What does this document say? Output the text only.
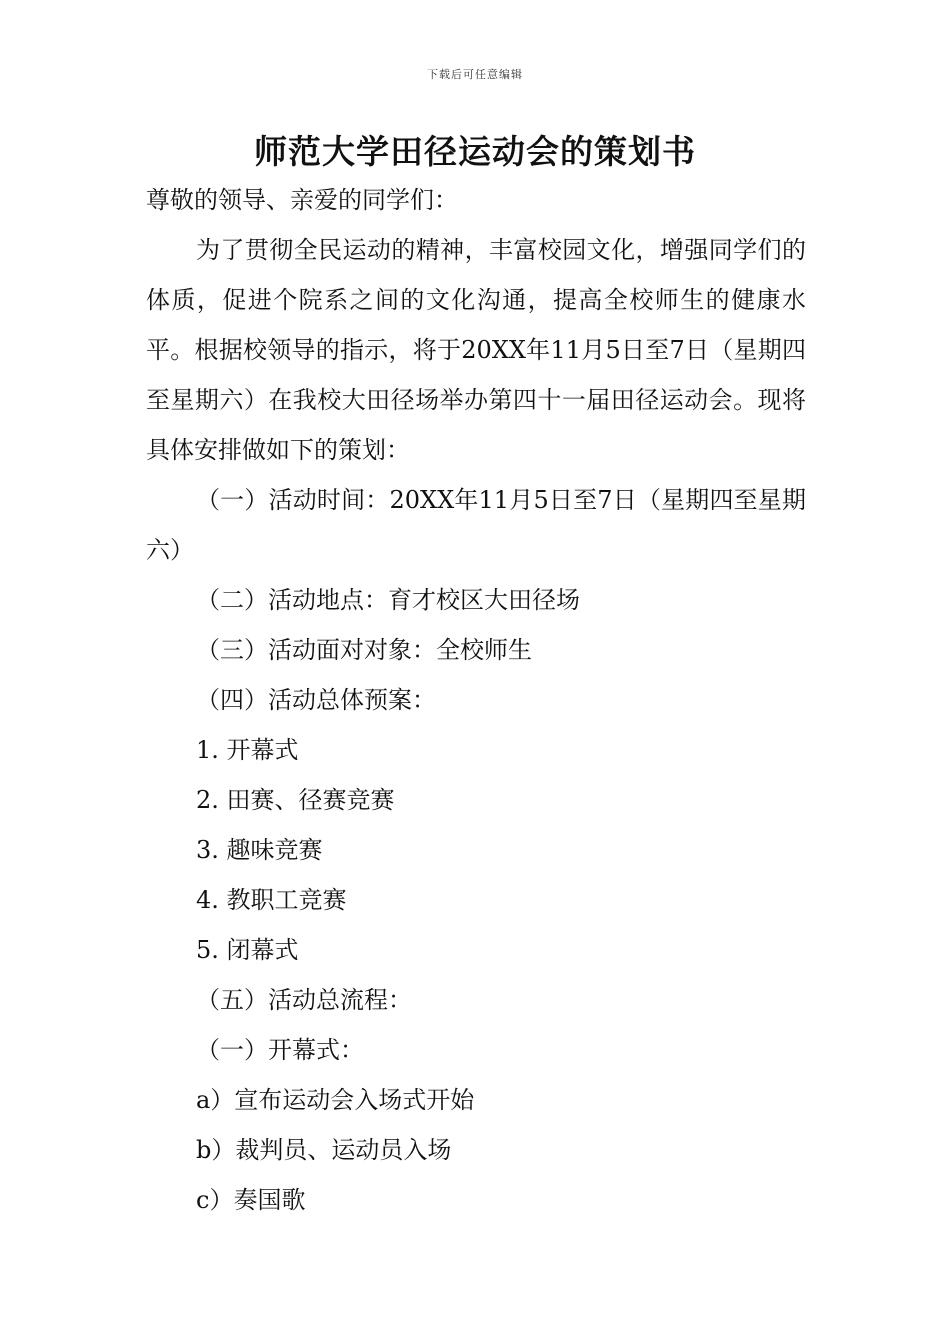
下载后可任意编辑
师范大学田径运动会的策划书

尊敬的领导、亲爱的同学们：

为了贯彻全民运动的精神，丰富校园文化，增强同学们的体质，促进个院系之间的文化沟通，提高全校师生的健康水平。根据校领导的指示，将于20XX年11月5日至7日（星期四至星期六）在我校大田径场举办第四十一届田径运动会。现将具体安排做如下的策划：

（一）活动时间：20XX年11月5日至7日（星期四至星期六）

（二）活动地点：育才校区大田径场

（三）活动面对对象：全校师生

（四）活动总体预案：

1. 开幕式

2. 田赛、径赛竞赛

3. 趣味竞赛

4. 教职工竞赛

5. 闭幕式

（五）活动总流程：

（一）开幕式：

a）宣布运动会入场式开始

b）裁判员、运动员入场

c）奏国歌
